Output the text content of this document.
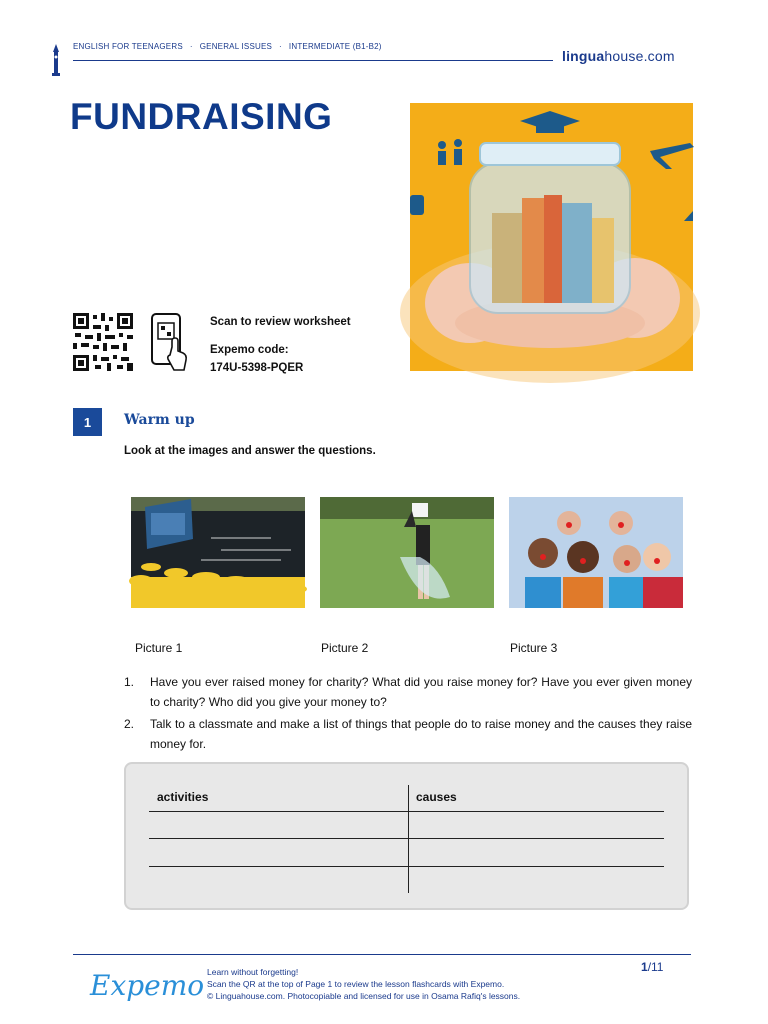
ENGLISH FOR TEENAGERS · GENERAL ISSUES · INTERMEDIATE (B1-B2)
linguahouse.com
FUNDRAISING
Scan to review worksheet
Expemo code:
174U-5398-PQER
1	Warm up
Look at the images and answer the questions.
Picture 1	Picture 2	Picture 3
1.	Have you ever raised money for charity? What did you raise money for? Have you ever given money to charity? Who did you give your money to?
2.	Talk to a classmate and make a list of things that people do to raise money and the causes they raise money for.
activities	causes
Expemo Learn without forgetting!
Scan the QR at the top of Page 1 to review the lesson flashcards with Expemo.
© Linguahouse.com. Photocopiable and licensed for use in Osama Rafiq's lessons.
1/11
